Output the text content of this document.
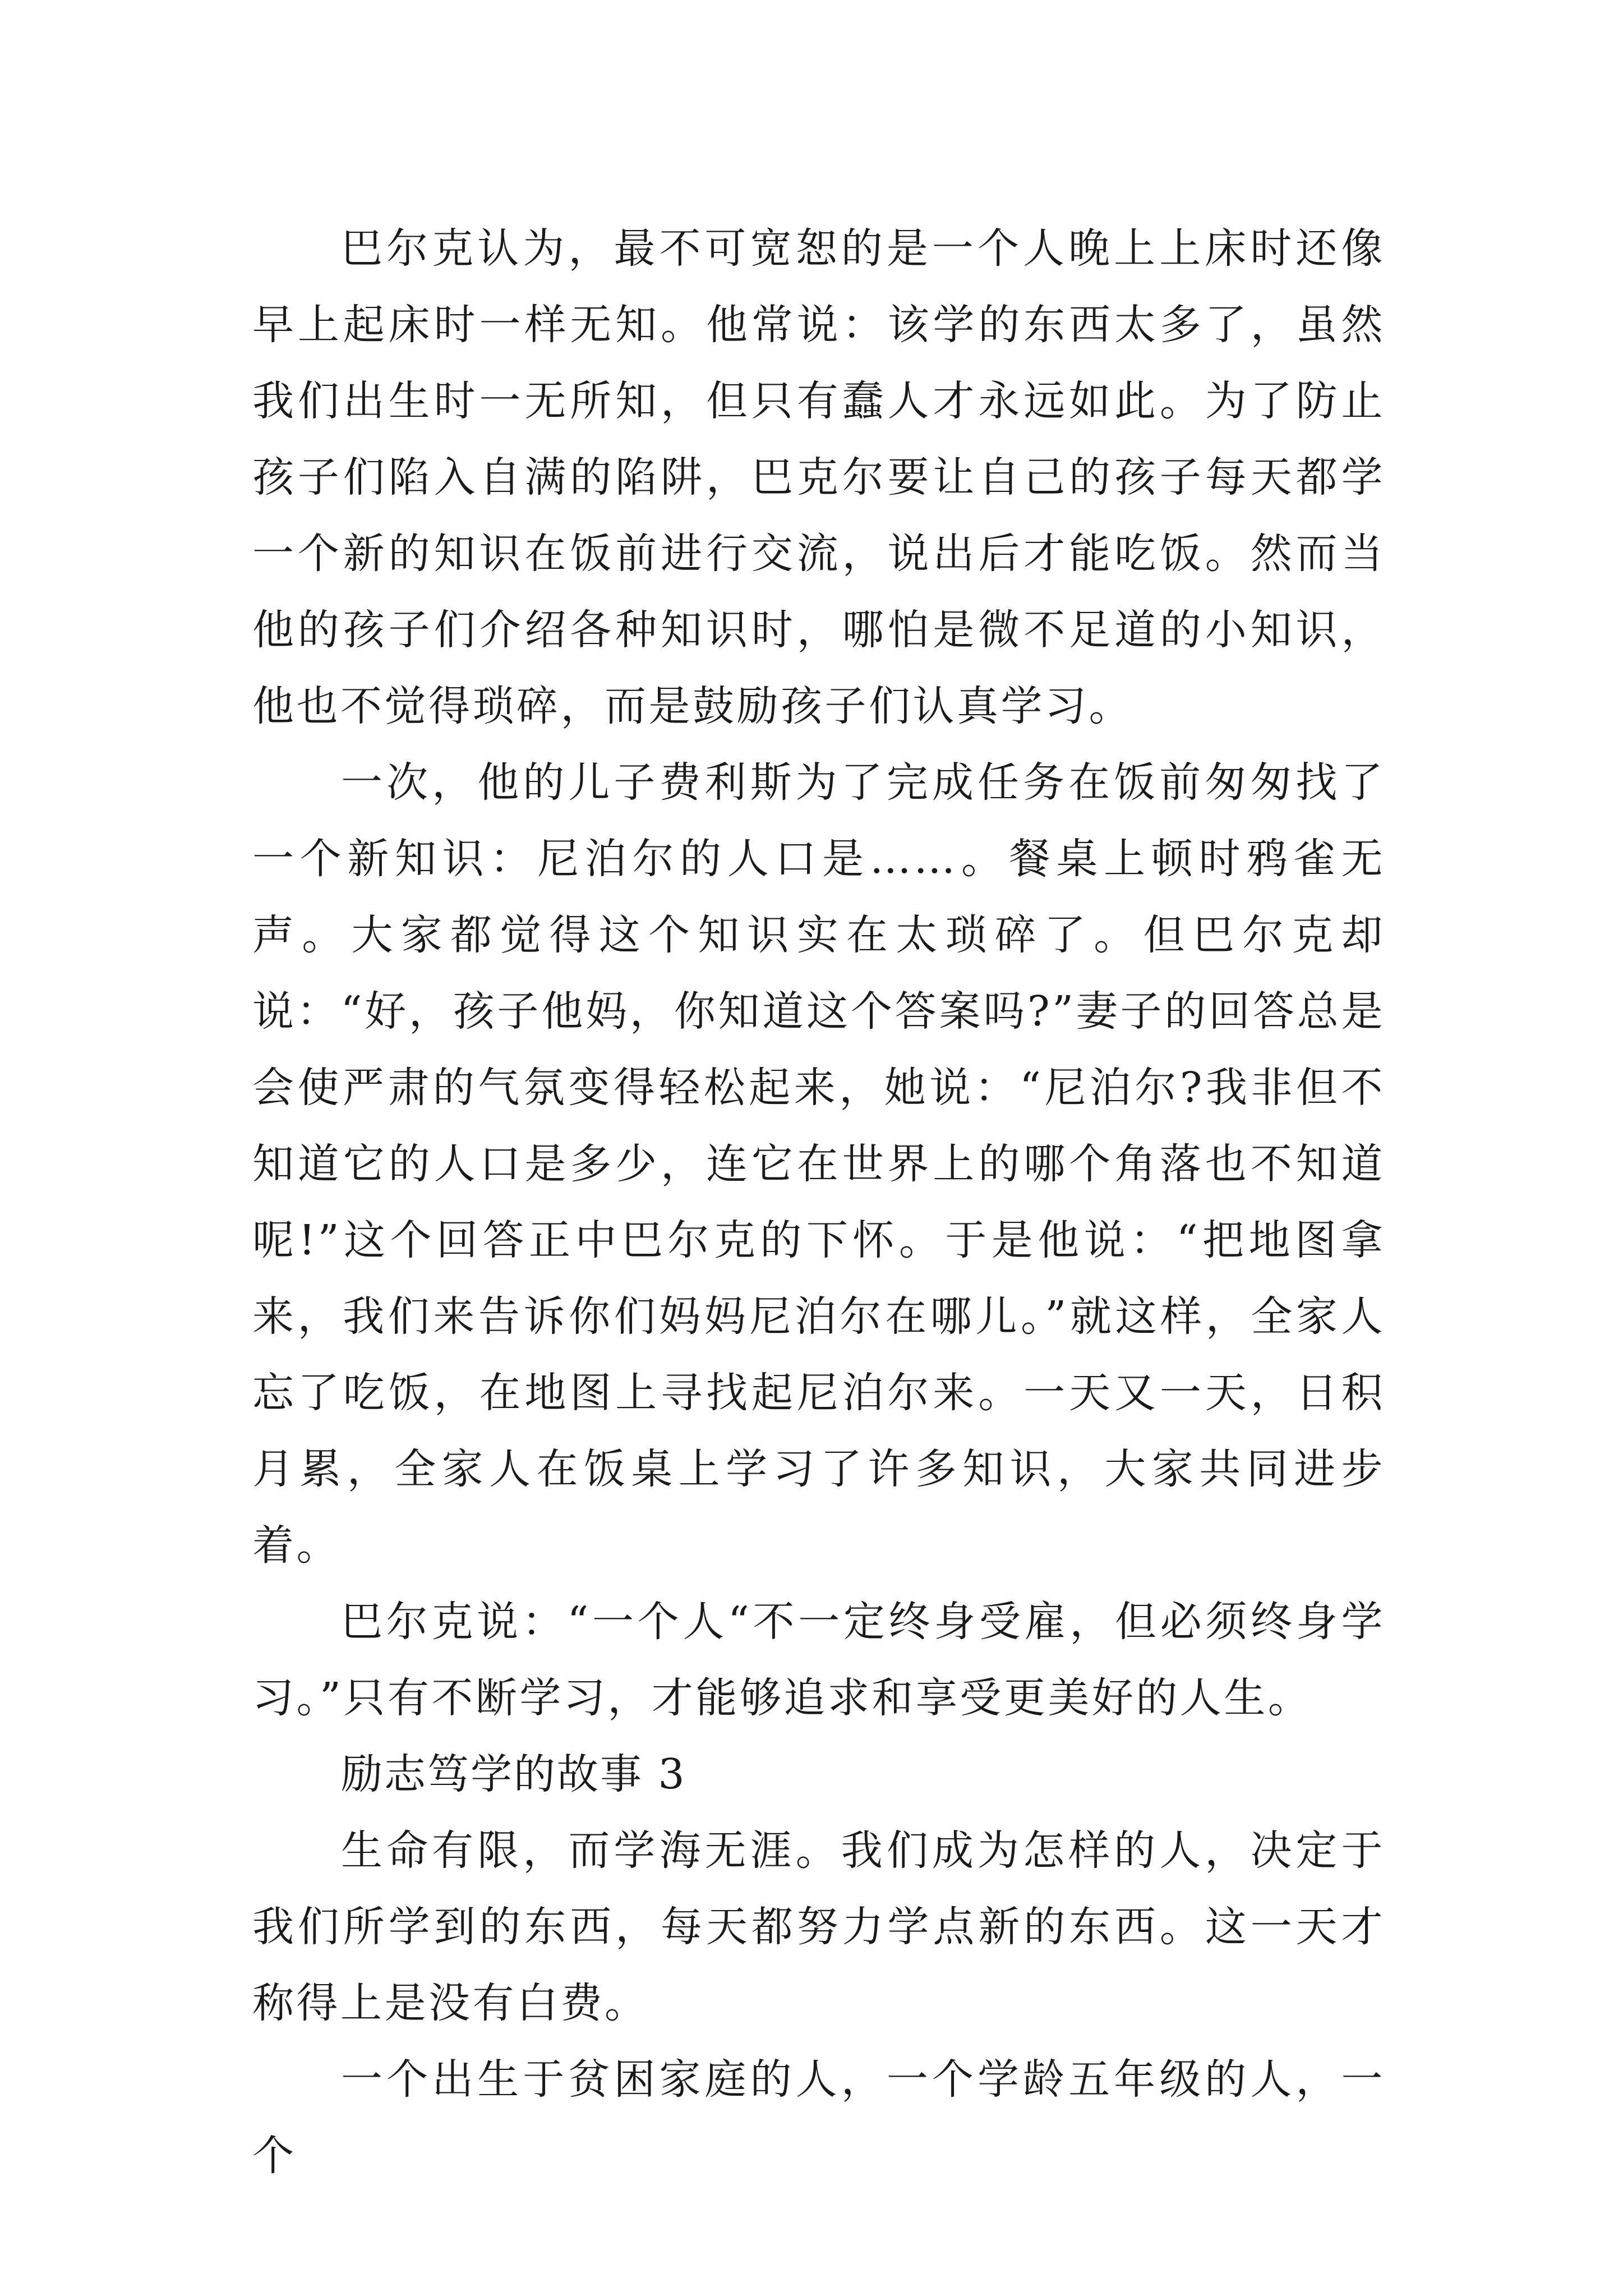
巴尔克认为，最不可宽恕的是一个人晚上上床时还像早上起床时一样无知。他常说：该学的东西太多了，虽然我们出生时一无所知，但只有蠢人才永远如此。为了防止孩子们陷入自满的陷阱，巴克尔要让自己的孩子每天都学一个新的知识在饭前进行交流，说出后才能吃饭。然而当他的孩子们介绍各种知识时，哪怕是微不足道的小知识，他也不觉得琐碎，而是鼓励孩子们认真学习。

一次，他的儿子费利斯为了完成任务在饭前匆匆找了一个新知识：尼泊尔的人口是……。餐桌上顿时鸦雀无声。大家都觉得这个知识实在太琐碎了。但巴尔克却说：“好，孩子他妈，你知道这个答案吗?”妻子的回答总是会使严肃的气氛变得轻松起来，她说：“尼泊尔?我非但不知道它的人口是多少，连它在世界上的哪个角落也不知道呢!”这个回答正中巴尔克的下怀。于是他说：“把地图拿来，我们来告诉你们妈妈尼泊尔在哪儿。”就这样，全家人忘了吃饭，在地图上寻找起尼泊尔来。一天又一天，日积月累，全家人在饭桌上学习了许多知识，大家共同进步着。

巴尔克说：“一个人“不一定终身受雇，但必须终身学习。”只有不断学习，才能够追求和享受更美好的人生。

励志笃学的故事 3

生命有限，而学海无涯。我们成为怎样的人，决定于我们所学到的东西，每天都努力学点新的东西。这一天才称得上是没有白费。

一个出生于贫困家庭的人，一个学龄五年级的人，一个
